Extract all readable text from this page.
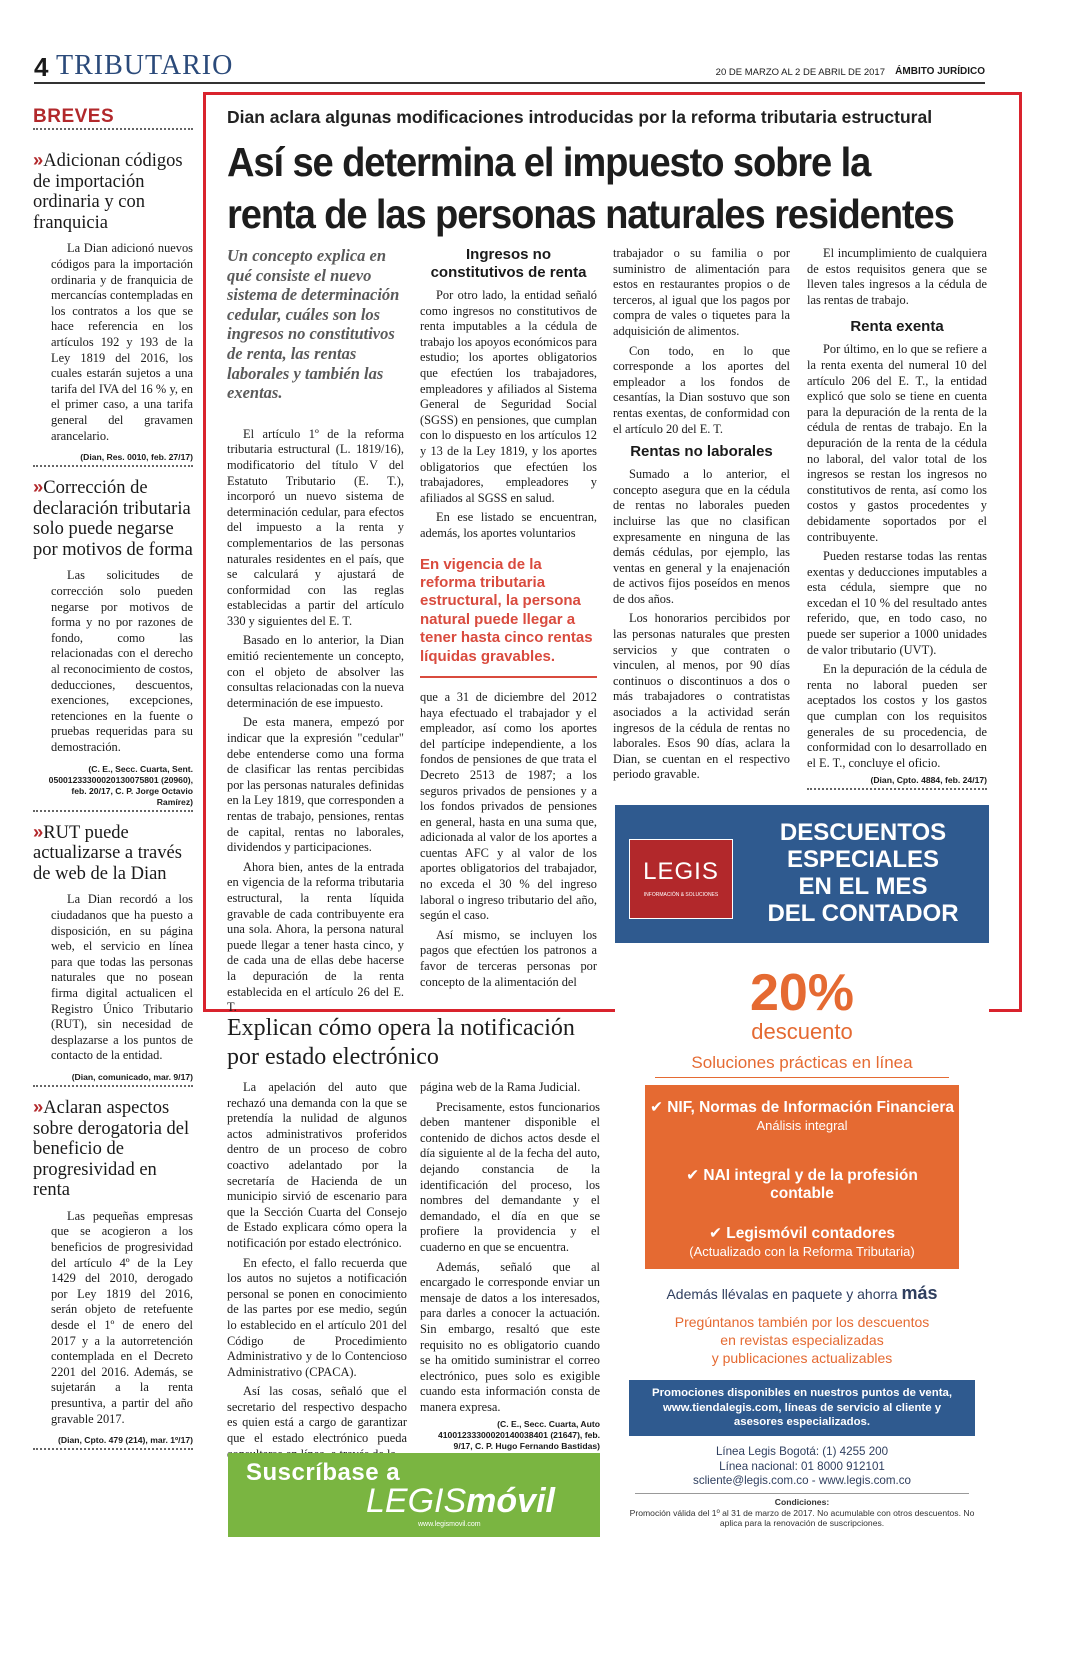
4 TRIBUTARIO	20 DE MARZO AL 2 DE ABRIL DE 2017 ÁMBITO JURÍDICO
BREVES
»Adicionan códigos de importación ordinaria y con franquicia
La Dian adicionó nuevos códigos para la importación ordinaria y de franquicia de mercancías contempladas en los contratos a los que se hace referencia en los artículos 192 y 193 de la Ley 1819 del 2016, los cuales estarán sujetos a una tarifa del IVA del 16 % y, en el primer caso, a una tarifa general del gravamen arancelario.
(Dian, Res. 0010, feb. 27/17)
»Corrección de declaración tributaria solo puede negarse por motivos de forma
Las solicitudes de corrección solo pueden negarse por motivos de forma y no por razones de fondo, como las relacionadas con el derecho al reconocimiento de costos, deducciones, descuentos, exenciones, excepciones, retenciones en la fuente o pruebas requeridas para su demostración.
(C. E., Secc. Cuarta, Sent. 05001233300020130075801 (20960), feb. 20/17, C. P. Jorge Octavio Ramírez)
»RUT puede actualizarse a través de web de la Dian
La Dian recordó a los ciudadanos que ha puesto a disposición, en su página web, el servicio en línea para que todas las personas naturales que no posean firma digital actualicen el Registro Único Tributario (RUT), sin necesidad de desplazarse a los puntos de contacto de la entidad.
(Dian, comunicado, mar. 9/17)
»Aclaran aspectos sobre derogatoria del beneficio de progresividad en renta
Las pequeñas empresas que se acogieron a los beneficios de progresividad del artículo 4º de la Ley 1429 del 2010, derogado por Ley 1819 del 2016, serán objeto de retefuente desde el 1º de enero del 2017 y a la autorretención contemplada en el Decreto 2201 del 2016. Además, se sujetarán a la renta presuntiva, a partir del año gravable 2017.
(Dian, Cpto. 479 (214), mar. 1º/17)
Dian aclara algunas modificaciones introducidas por la reforma tributaria estructural
Así se determina el impuesto sobre la
renta de las personas naturales residentes
Un concepto explica en qué consiste el nuevo sistema de determinación cedular, cuáles son los ingresos no constitutivos de renta, las rentas laborales y también las exentas.

El artículo 1º de la reforma tributaria estructural (L. 1819/16), modificatorio del título V del Estatuto Tributario (E. T.), incorporó un nuevo sistema de determinación cedular, para efectos del impuesto a la renta y complementarios de las personas naturales residentes en el país, que se calculará y ajustará de conformidad con las reglas establecidas a partir del artículo 330 y siguientes del E. T.

Basado en lo anterior, la Dian emitió recientemente un concepto, con el objeto de absolver las consultas relacionadas con la nueva determinación de ese impuesto.

De esta manera, empezó por indicar que la expresión "cedular" debe entenderse como una forma de clasificar las rentas percibidas por las personas naturales definidas en la Ley 1819, que corresponden a rentas de trabajo, pensiones, rentas de capital, rentas no laborales, dividendos y participaciones.

Ahora bien, antes de la entrada en vigencia de la reforma tributaria estructural, la renta líquida gravable de cada contribuyente era una sola. Ahora, la persona natural puede llegar a tener hasta cinco, y de cada una de ellas debe hacerse la depuración de la renta establecida en el artículo 26 del E. T.

Ingresos no constitutivos de renta

Por otro lado, la entidad señaló como ingresos no constitutivos de renta imputables a la cédula de trabajo los apoyos económicos para estudio; los aportes obligatorios que efectúen los trabajadores, empleadores y afiliados al Sistema General de Seguridad Social (SGSS) en pensiones, que cumplan con lo dispuesto en los artículos 12 y 13 de la Ley 1819, y los aportes obligatorios que efectúen los trabajadores, empleadores y afiliados al SGSS en salud.

En ese listado se encuentran, además, los aportes voluntarios

En vigencia de la reforma tributaria estructural, la persona natural puede llegar a tener hasta cinco rentas líquidas gravables.

que a 31 de diciembre del 2012 haya efectuado el trabajador y el empleador, así como los aportes del partícipe independiente, a los fondos de pensiones de que trata el Decreto 2513 de 1987; a los seguros privados de pensiones y a los fondos privados de pensiones en general, hasta en una suma que, adicionada al valor de los aportes a cuentas AFC y al valor de los aportes obligatorios del trabajador, no exceda el 30 % del ingreso laboral o ingreso tributario del año, según el caso.

Así mismo, se incluyen los pagos que efectúen los patronos a favor de terceras personas por concepto de la alimentación del

trabajador o su familia o por suministro de alimentación para estos en restaurantes propios o de terceros, al igual que los pagos por compra de vales o tiquetes para la adquisición de alimentos.

Con todo, en lo que corresponde a los aportes del empleador a los fondos de cesantías, la Dian sostuvo que son rentas exentas, de conformidad con el artículo 20 del E. T.

Rentas no laborales

Sumado a lo anterior, el concepto asegura que en la cédula de rentas no laborales pueden incluirse las que no clasifican expresamente en ninguna de las demás cédulas, por ejemplo, las ventas en general y la enajenación de activos fijos poseídos en menos de dos años.

Los honorarios percibidos por las personas naturales que presten servicios y que contraten o vinculen, al menos, por 90 días continuos o discontinuos a dos o más trabajadores o contratistas asociados a la actividad serán ingresos de la cédula de rentas no laborales. Esos 90 días, aclara la Dian, se cuentan en el respectivo periodo gravable.

El incumplimiento de cualquiera de estos requisitos genera que se lleven tales ingresos a la cédula de las rentas de trabajo.

Renta exenta

Por último, en lo que se refiere a la renta exenta del numeral 10 del artículo 206 del E. T., la entidad explicó que solo se tiene en cuenta para la depuración de la renta de la cédula de rentas de trabajo. En la depuración de la renta de la cédula no laboral, del valor total de los ingresos se restan los ingresos no constitutivos de renta, así como los costos y gastos procedentes y debidamente soportados por el contribuyente.

Pueden restarse todas las rentas exentas y deducciones imputables a esta cédula, siempre que no excedan el 10 % del resultado antes referido, que, en todo caso, no puede ser superior a 1000 unidades de valor tributario (UVT).

En la depuración de la cédula de renta no laboral pueden ser aceptados los costos y los gastos que cumplan con los requisitos generales de su procedencia, de conformidad con lo desarrollado en el E. T., concluye el oficio.

(Dian, Cpto. 4884, feb. 24/17)
Explican cómo opera la notificación por estado electrónico

La apelación del auto que rechazó una demanda con la que se pretendía la nulidad de algunos actos administrativos proferidos dentro de un proceso de cobro coactivo adelantado por la secretaría de Hacienda de un municipio sirvió de escenario para que la Sección Cuarta del Consejo de Estado explicara cómo opera la notificación por estado electrónico.

En efecto, el fallo recuerda que los autos no sujetos a notificación personal se ponen en conocimiento de las partes por ese medio, según lo establecido en el artículo 201 del Código de Procedimiento Administrativo y de lo Contencioso Administrativo (CPACA).

Así las cosas, señaló que el secretario del respectivo despacho es quien está a cargo de garantizar que el estado electrónico pueda

página web de la Rama Judicial.

Precisamente, estos funcionarios deben mantener disponible el contenido de dichos actos desde el día siguiente al de la fecha del auto, dejando constancia de la identificación del proceso, los nombres del demandante y el demandado, el día en que se profiere la providencia y el cuaderno en que se encuentra.

Además, señaló que al encargado le corresponde enviar un mensaje de datos a los interesados, para darles a conocer la actuación. Sin embargo, resaltó que este requisito no es obligatorio cuando se ha omitido suministrar el correo electrónico, pues solo es exigible cuando esta información consta de manera expresa.

(C. E., Secc. Cuarta, Auto 41001233300020140038401 (21647), feb. 9/17, C. P. Hugo Fernando Bastidas)
Suscríbase a
LEGISmóvil
www.legismovil.com
LEGIS
INFORMACIÓN & SOLUCIONES
DESCUENTOS
ESPECIALES
EN EL MES
DEL CONTADOR
20%
descuento
Soluciones prácticas en línea
✔ NIF, Normas de Información Financiera
Análisis integral
✔ NAI integral y de la profesión contable
✔ Legismóvil contadores
(Actualizado con la Reforma Tributaria)
Además llévalas en paquete y ahorra más
Pregúntanos también por los descuentos
en revistas especializadas
y publicaciones actualizables
Promociones disponibles en nuestros puntos de venta, www.tiendalegis.com, líneas de servicio al cliente y asesores especializados.
Línea Legis Bogotá: (1) 4255 200
Línea nacional: 01 8000 912101
scliente@legis.com.co - www.legis.com.co
Condiciones:
Promoción válida del 1º al 31 de marzo de 2017. No acumulable con otros descuentos. No aplica para la renovación de suscripciones.
